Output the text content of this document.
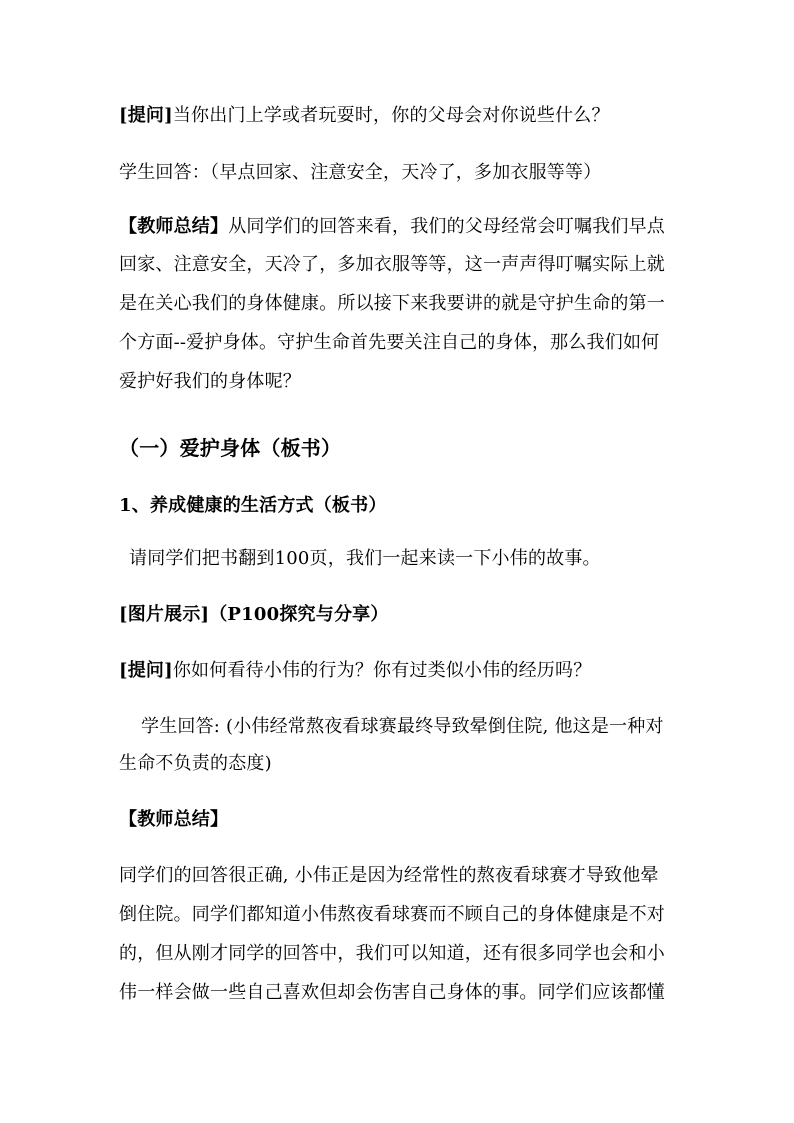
[提问]当你出门上学或者玩耍时，你的父母会对你说些什么？
学生回答：（早点回家、注意安全，天冷了，多加衣服等等）
【教师总结】从同学们的回答来看，我们的父母经常会叮嘱我们早点
回家、注意安全，天冷了，多加衣服等等，这一声声得叮嘱实际上就
是在关心我们的身体健康。所以接下来我要讲的就是守护生命的第一
个方面--爱护身体。守护生命首先要关注自己的身体，那么我们如何
爱护好我们的身体呢？
（一）爱护身体（板书）
1、养成健康的生活方式（板书）
请同学们把书翻到100页，我们一起来读一下小伟的故事。
[图片展示]（P100探究与分享）
[提问]你如何看待小伟的行为？你有过类似小伟的经历吗？
学生回答: (小伟经常熬夜看球赛最终导致晕倒住院, 他这是一种对
生命不负责的态度)
【教师总结】
同学们的回答很正确, 小伟正是因为经常性的熬夜看球赛才导致他晕
倒住院。同学们都知道小伟熬夜看球赛而不顾自己的身体健康是不对
的，但从刚才同学的回答中，我们可以知道，还有很多同学也会和小
伟一样会做一些自己喜欢但却会伤害自己身体的事。同学们应该都懂
